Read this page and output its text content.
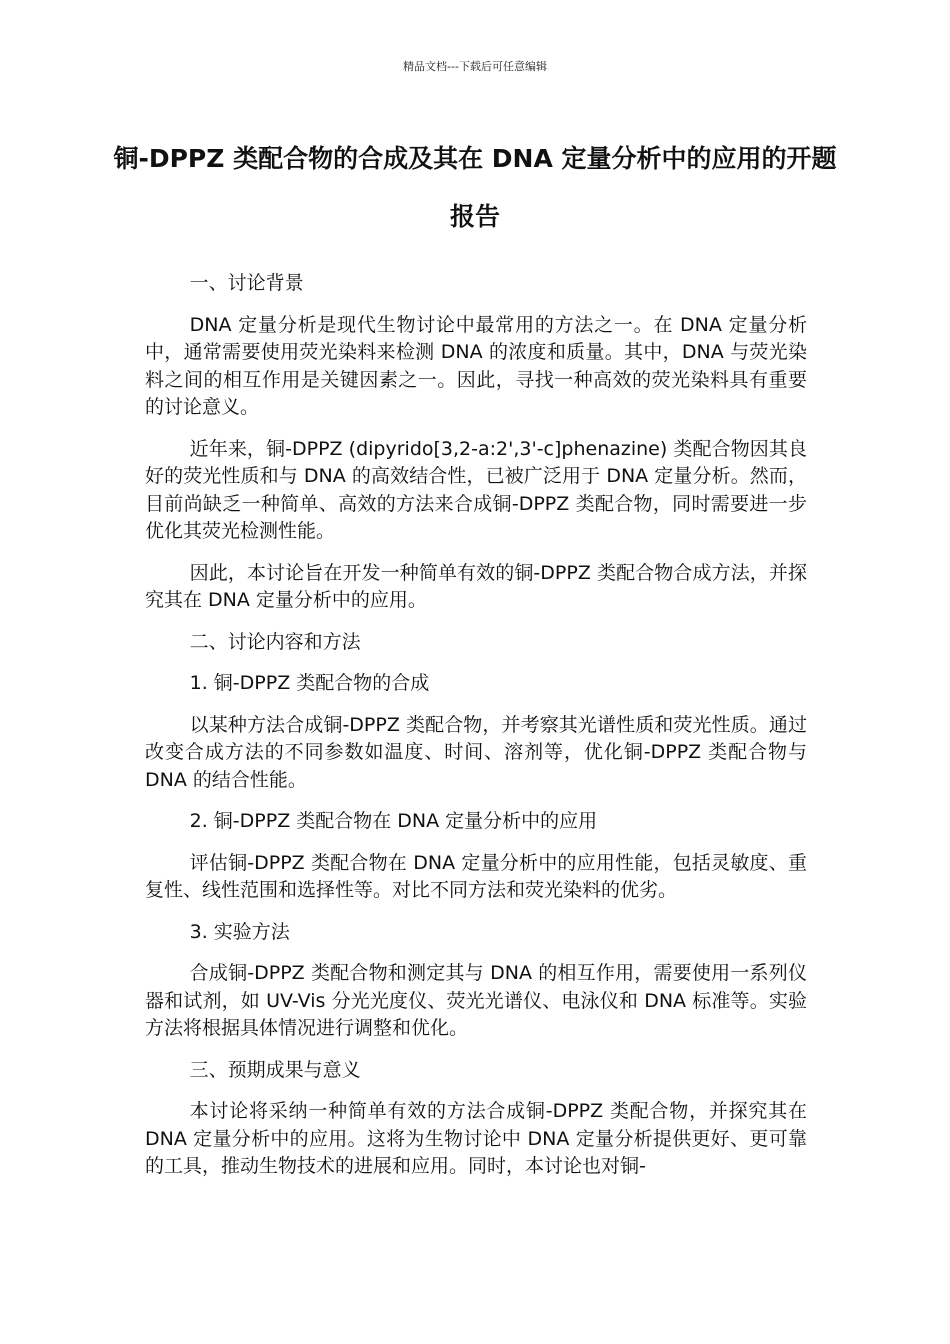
精品文档---下载后可任意编辑
铜-DPPZ 类配合物的合成及其在 DNA 定量分析中的应用的开题报告

一、讨论背景

DNA 定量分析是现代生物讨论中最常用的方法之一。在 DNA 定量分析中，通常需要使用荧光染料来检测 DNA 的浓度和质量。其中，DNA 与荧光染料之间的相互作用是关键因素之一。因此，寻找一种高效的荧光染料具有重要的讨论意义。

近年来，铜-DPPZ (dipyrido[3,2-a:2',3'-c]phenazine) 类配合物因其良好的荧光性质和与 DNA 的高效结合性，已被广泛用于 DNA 定量分析。然而，目前尚缺乏一种简单、高效的方法来合成铜-DPPZ 类配合物，同时需要进一步优化其荧光检测性能。

因此，本讨论旨在开发一种简单有效的铜-DPPZ 类配合物合成方法，并探究其在 DNA 定量分析中的应用。

二、讨论内容和方法

1. 铜-DPPZ 类配合物的合成

以某种方法合成铜-DPPZ 类配合物，并考察其光谱性质和荧光性质。通过改变合成方法的不同参数如温度、时间、溶剂等，优化铜-DPPZ 类配合物与 DNA 的结合性能。

2. 铜-DPPZ 类配合物在 DNA 定量分析中的应用

评估铜-DPPZ 类配合物在 DNA 定量分析中的应用性能，包括灵敏度、重复性、线性范围和选择性等。对比不同方法和荧光染料的优劣。

3. 实验方法

合成铜-DPPZ 类配合物和测定其与 DNA 的相互作用，需要使用一系列仪器和试剂，如 UV-Vis 分光光度仪、荧光光谱仪、电泳仪和 DNA 标准等。实验方法将根据具体情况进行调整和优化。

三、预期成果与意义

本讨论将采纳一种简单有效的方法合成铜-DPPZ 类配合物，并探究其在 DNA 定量分析中的应用。这将为生物讨论中 DNA 定量分析提供更好、更可靠的工具，推动生物技术的进展和应用。同时，本讨论也对铜-
